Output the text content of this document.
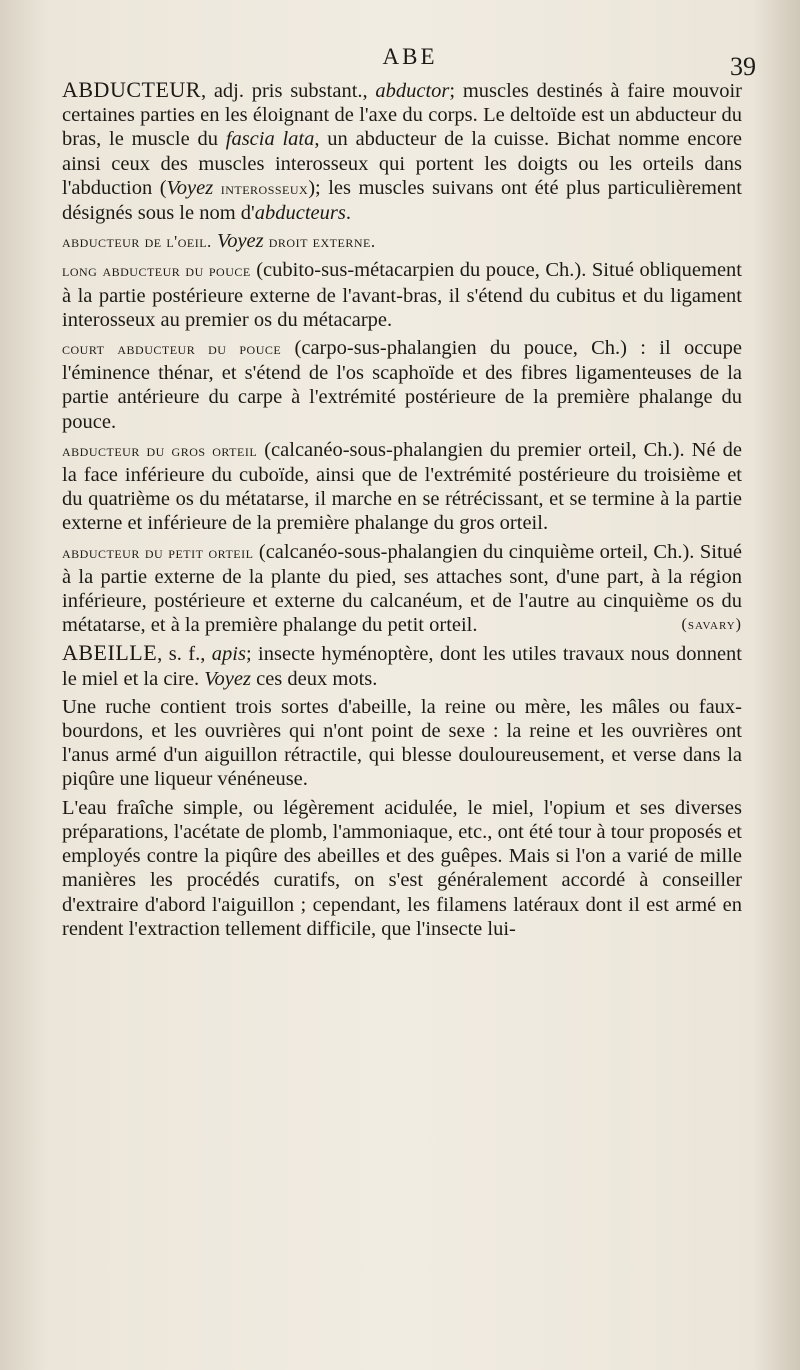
ABE	39

ABDUCTEUR, adj. pris substant., abductor; muscles destinés à faire mouvoir certaines parties en les éloignant de l'axe du corps. Le deltoïde est un abducteur du bras, le muscle du fascia lata, un abducteur de la cuisse. Bichat nomme encore ainsi ceux des muscles interosseux qui portent les doigts ou les orteils dans l'abduction (Voyez interosseux); les muscles suivans ont été plus particulièrement désignés sous le nom d'abducteurs.

abducteur de l'oeil. Voyez droit externe.

long abducteur du pouce (cubito-sus-métacarpien du pouce, Ch.). Situé obliquement à la partie postérieure externe de l'avant-bras, il s'étend du cubitus et du ligament interosseux au premier os du métacarpe.

court abducteur du pouce (carpo-sus-phalangien du pouce, Ch.) : il occupe l'éminence thénar, et s'étend de l'os scaphoïde et des fibres ligamenteuses de la partie antérieure du carpe à l'extrémité postérieure de la première phalange du pouce.

abducteur du gros orteil (calcanéo-sous-phalangien du premier orteil, Ch.). Né de la face inférieure du cuboïde, ainsi que de l'extrémité postérieure du troisième et du quatrième os du métatarse, il marche en se rétrécissant, et se termine à la partie externe et inférieure de la première phalange du gros orteil.

abducteur du petit orteil (calcanéo-sous-phalangien du cinquième orteil, Ch.). Situé à la partie externe de la plante du pied, ses attaches sont, d'une part, à la région inférieure, postérieure et externe du calcanéum, et de l'autre au cinquième os du métatarse, et à la première phalange du petit orteil.	(savary)

ABEILLE, s. f., apis; insecte hyménoptère, dont les utiles travaux nous donnent le miel et la cire. Voyez ces deux mots.

Une ruche contient trois sortes d'abeille, la reine ou mère, les mâles ou faux-bourdons, et les ouvrières qui n'ont point de sexe : la reine et les ouvrières ont l'anus armé d'un aiguillon rétractile, qui blesse douloureusement, et verse dans la piqûre une liqueur vénéneuse.

L'eau fraîche simple, ou légèrement acidulée, le miel, l'opium et ses diverses préparations, l'acétate de plomb, l'ammoniaque, etc., ont été tour à tour proposés et employés contre la piqûre des abeilles et des guêpes. Mais si l'on a varié de mille manières les procédés curatifs, on s'est généralement accordé à conseiller d'extraire d'abord l'aiguillon ; cependant, les filamens latéraux dont il est armé en rendent l'extraction tellement difficile, que l'insecte lui-
